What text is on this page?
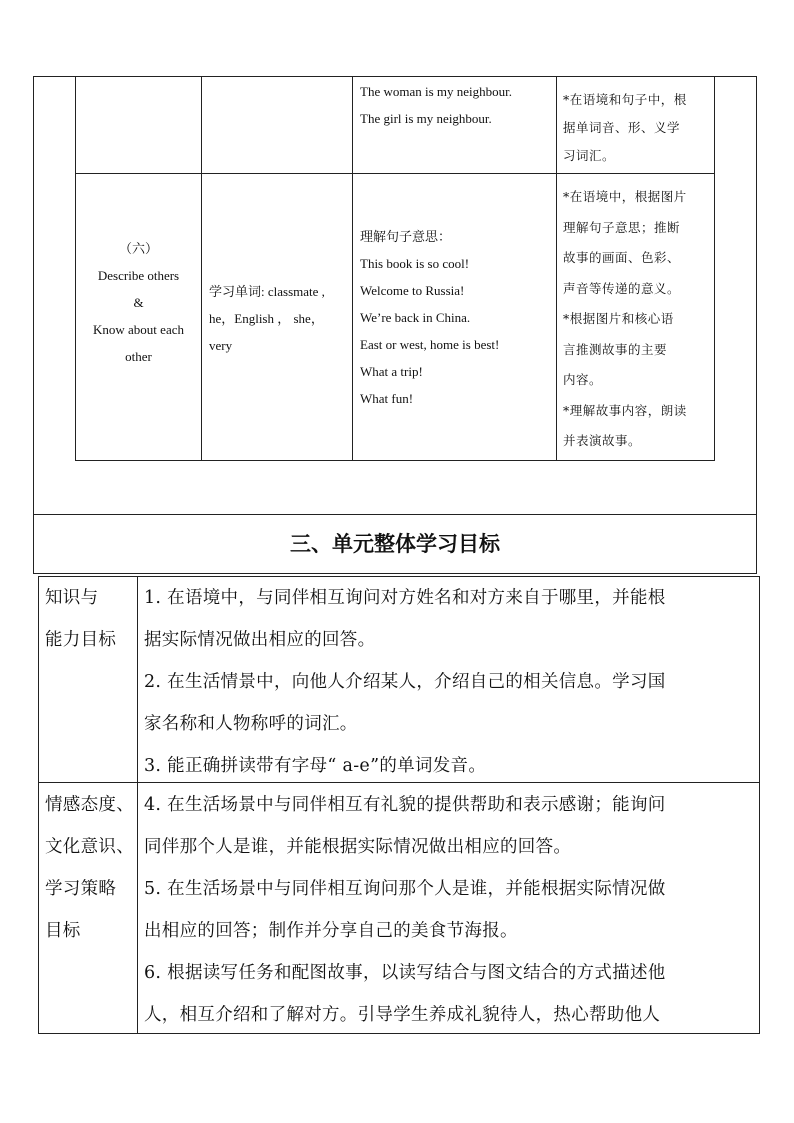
The woman is my neighbour.

The girl is my neighbour.

*在语境和句子中，根

据单词音、形、义学

习词汇。

（六）

Describe others

&

Know about each

other

学习单词: classmate ,

he，English ， she，

very

理解句子意思：

This book is so cool!

Welcome to Russia!

We’re back in China.

East or west, home is best!

What a trip!

What fun!

*在语境中，根据图片

理解句子意思；推断

故事的画面、色彩、

声音等传递的意义。

*根据图片和核心语

言推测故事的主要

内容。

*理解故事内容，朗读

并表演故事。

三、单元整体学习目标

知识与

能力目标

1. 在语境中，与同伴相互询问对方姓名和对方来自于哪里，并能根

据实际情况做出相应的回答。

2. 在生活情景中，向他人介绍某人，介绍自己的相关信息。学习国

家名称和人物称呼的词汇。

3. 能正确拼读带有字母“ a-e”的单词发音。

情感态度、

文化意识、

学习策略

目标

4. 在生活场景中与同伴相互有礼貌的提供帮助和表示感谢；能询问

同伴那个人是谁，并能根据实际情况做出相应的回答。

5. 在生活场景中与同伴相互询问那个人是谁，并能根据实际情况做

出相应的回答；制作并分享自己的美食节海报。

6. 根据读写任务和配图故事，以读写结合与图文结合的方式描述他

人，相互介绍和了解对方。引导学生养成礼貌待人，热心帮助他人
